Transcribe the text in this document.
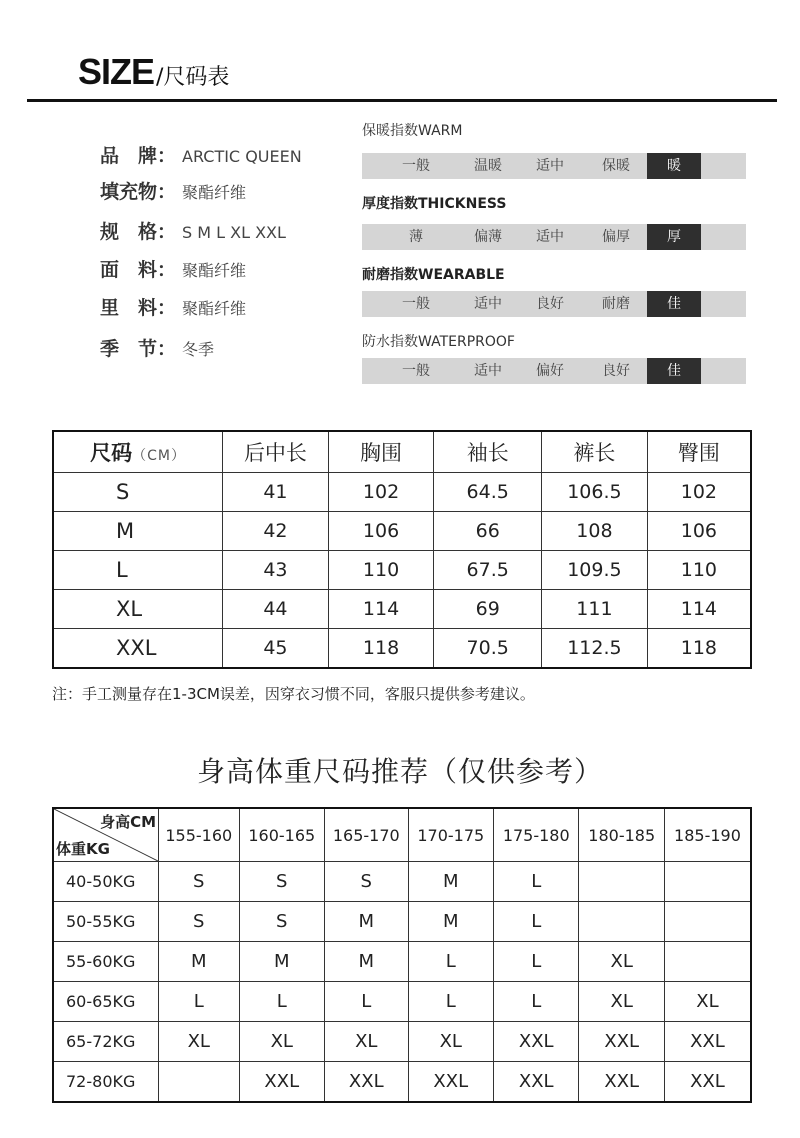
SIZE/尺码表
品　牌： ARCTIC QUEEN
填充物： 聚酯纤维
规　格： S M L XL XXL
面　料： 聚酯纤维
里　料： 聚酯纤维
季　节： 冬季
保暖指数WARM
一般	温暖	适中	保暖	暖
厚度指数THICKNESS
薄	偏薄	适中	偏厚	厚
耐磨指数WEARABLE
一般	适中	良好	耐磨	佳
防水指数WATERPROOF
一般	适中	偏好	良好	佳
尺码（CM）	后中长	胸围	袖长	裤长	臀围
S	41	102	64.5	106.5	102
M	42	106	66	108	106
L	43	110	67.5	109.5	110
XL	44	114	69	111	114
XXL	45	118	70.5	112.5	118
注：手工测量存在1-3CM误差，因穿衣习惯不同，客服只提供参考建议。
身高体重尺码推荐（仅供参考）
身高CM
体重KG	155-160	160-165	165-170	170-175	175-180	180-185	185-190
40-50KG	S	S	S	M	L		
50-55KG	S	S	M	M	L		
55-60KG	M	M	M	L	L	XL	
60-65KG	L	L	L	L	L	XL	XL
65-72KG	XL	XL	XL	XL	XXL	XXL	XXL
72-80KG		XXL	XXL	XXL	XXL	XXL	XXL
